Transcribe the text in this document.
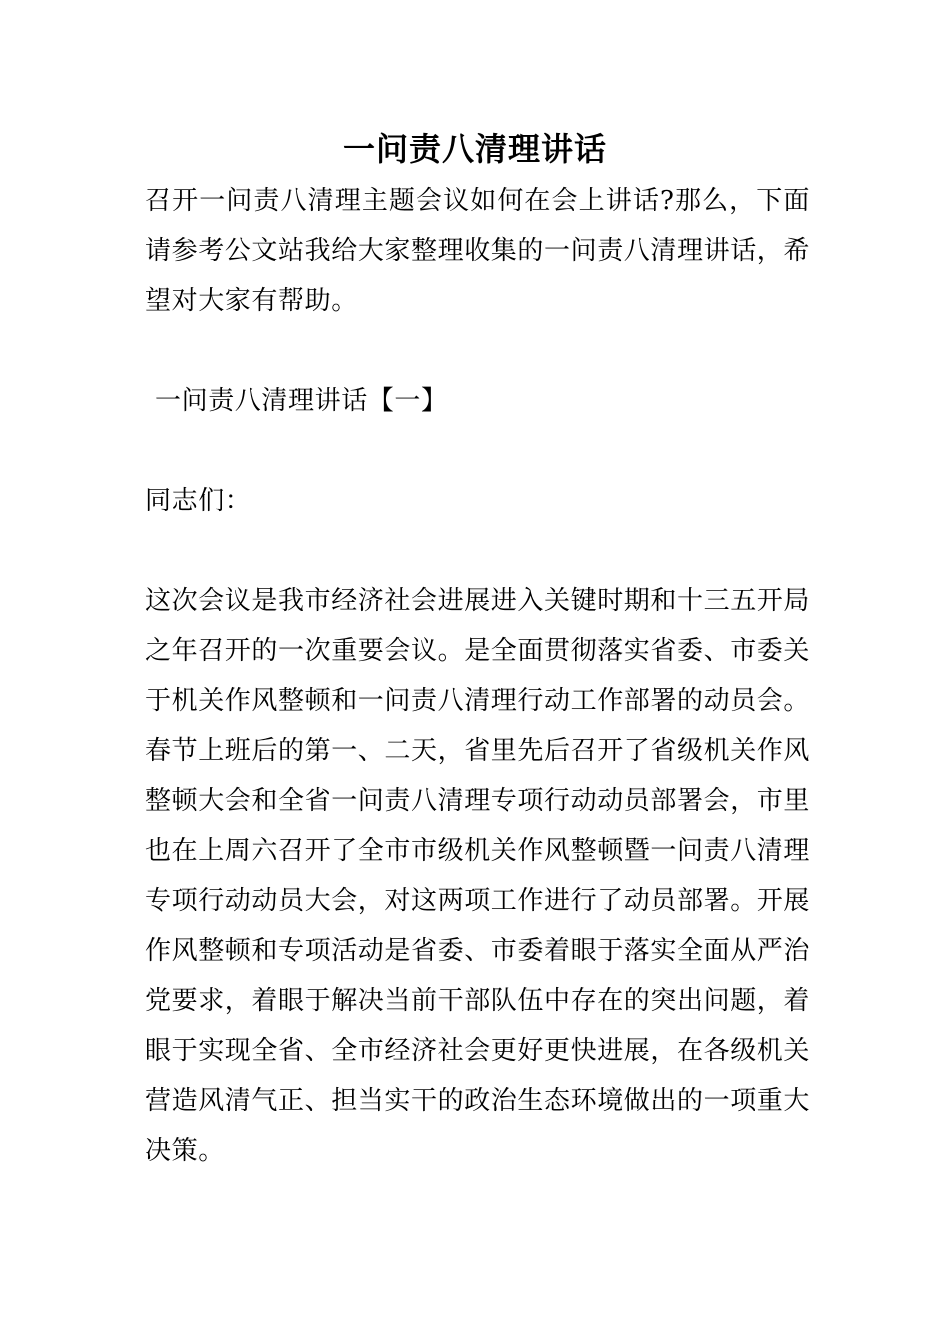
一问责八清理讲话

召开一问责八清理主题会议如何在会上讲话?那么，下面请参考公文站我给大家整理收集的一问责八清理讲话，希望对大家有帮助。

一问责八清理讲话【一】

同志们：

这次会议是我市经济社会进展进入关键时期和十三五开局之年召开的一次重要会议。是全面贯彻落实省委、市委关于机关作风整顿和一问责八清理行动工作部署的动员会。春节上班后的第一、二天，省里先后召开了省级机关作风整顿大会和全省一问责八清理专项行动动员部署会，市里也在上周六召开了全市市级机关作风整顿暨一问责八清理专项行动动员大会，对这两项工作进行了动员部署。开展作风整顿和专项活动是省委、市委着眼于落实全面从严治党要求，着眼于解决当前干部队伍中存在的突出问题，着眼于实现全省、全市经济社会更好更快进展，在各级机关营造风清气正、担当实干的政治生态环境做出的一项重大决策。
